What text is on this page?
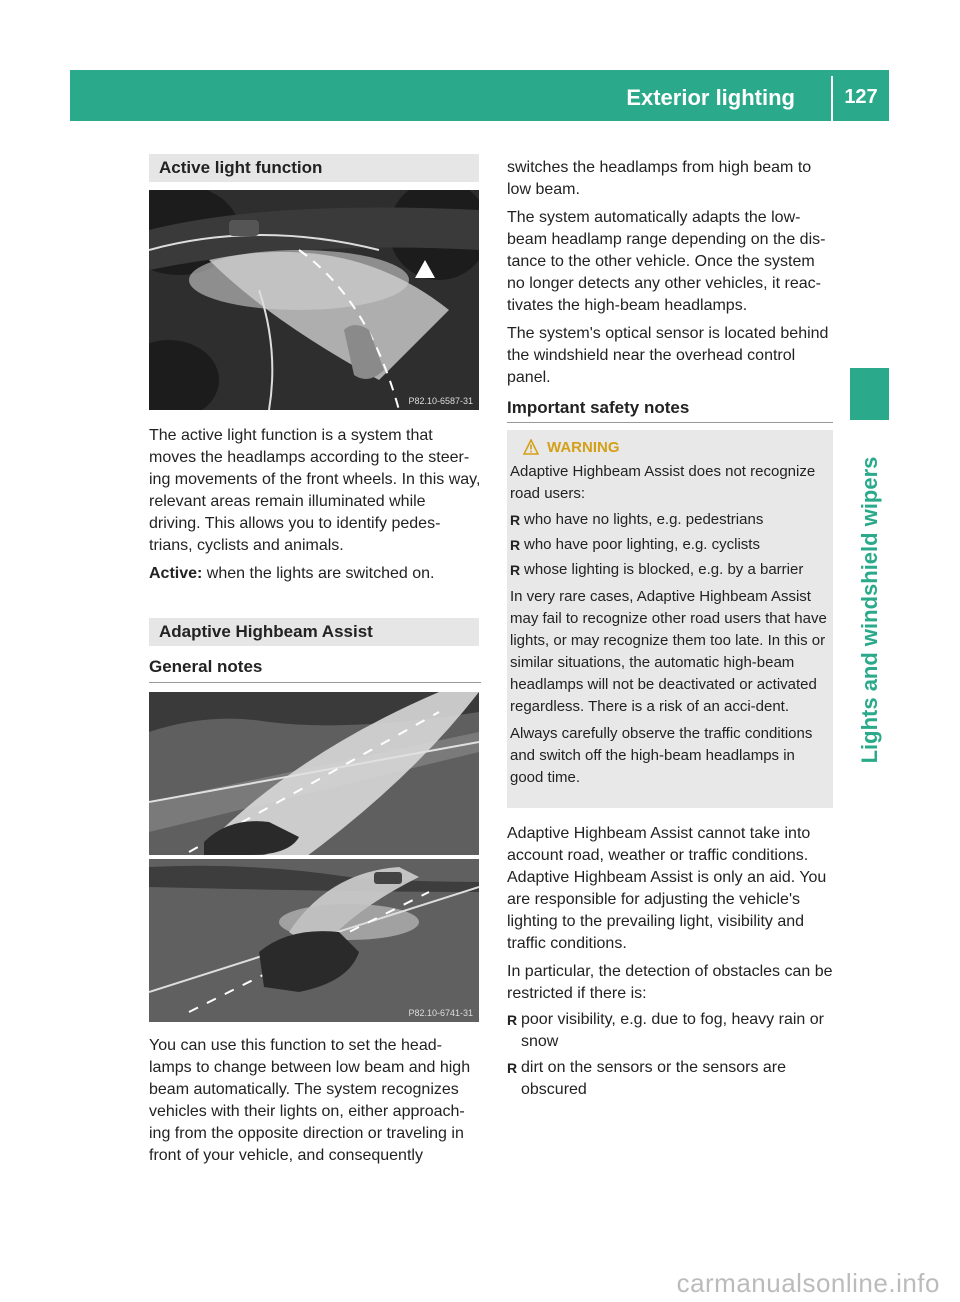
Exterior lighting	127
Lights and windshield wipers
Active light function
P82.10-6587-31

The active light function is a system that moves the headlamps according to the steer-ing movements of the front wheels. In this way, relevant areas remain illuminated while driving. This allows you to identify pedes-trians, cyclists and animals.

Active: when the lights are switched on.

Adaptive Highbeam Assist
General notes
P82.10-6741-31

You can use this function to set the head-lamps to change between low beam and high beam automatically. The system recognizes vehicles with their lights on, either approach-ing from the opposite direction or traveling in front of your vehicle, and consequently

switches the headlamps from high beam to low beam.

The system automatically adapts the low-beam headlamp range depending on the dis-tance to the other vehicle. Once the system no longer detects any other vehicles, it reac-tivates the high-beam headlamps.

The system's optical sensor is located behind the windshield near the overhead control panel.

Important safety notes
WARNING

Adaptive Highbeam Assist does not recognize road users:

R who have no lights, e.g. pedestrians

R who have poor lighting, e.g. cyclists

R whose lighting is blocked, e.g. by a barrier

In very rare cases, Adaptive Highbeam Assist may fail to recognize other road users that have lights, or may recognize them too late. In this or similar situations, the automatic high-beam headlamps will not be deactivated or activated regardless. There is a risk of an acci-dent.

Always carefully observe the traffic conditions and switch off the high-beam headlamps in good time.

Adaptive Highbeam Assist cannot take into account road, weather or traffic conditions. Adaptive Highbeam Assist is only an aid. You are responsible for adjusting the vehicle's lighting to the prevailing light, visibility and traffic conditions.

In particular, the detection of obstacles can be restricted if there is:

R poor visibility, e.g. due to fog, heavy rain or snow

R dirt on the sensors or the sensors are obscured

carmanualsonline.info
